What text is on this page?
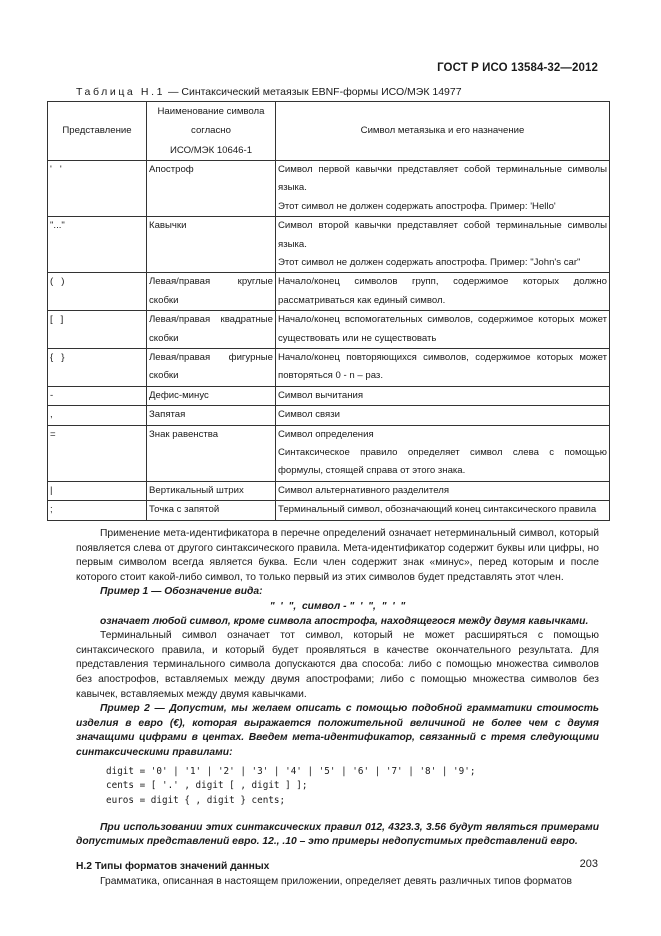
ГОСТ Р ИСО 13584-32—2012
Таблица Н.1 — Синтаксический метаязык EBNF-формы ИСО/МЭК 14977
Представление	Наименование символа
согласно
ИСО/МЭК 10646-1	Символ метаязыка и его назначение
'   '	Апостроф	Символ первой кавычки представляет собой терминальные символы языка.
Этот символ не должен содержать апострофа. Пример: 'Hello'

"..."	Кавычки	Символ второй кавычки представляет собой терминальные символы языка.
Этот символ не должен содержать апострофа. Пример: "John's car"

(   )	Левая/правая круглые скобки	Начало/конец символов групп, содержимое которых должно рассматриваться как единый символ.

[   ]	Левая/правая квадратные скобки	Начало/конец вспомогательных символов, содержимое которых может существовать или не существовать

{   }	Левая/правая фигурные скобки	Начало/конец повторяющихся символов, содержимое которых может повторяться 0 - n – раз.

-	Дефис-минус	Символ вычитания

,	Запятая	Символ связи

=	Знак равенства	Символ определения
Синтаксическое правило определяет символ слева с помощью формулы, стоящей справа от этого знака.

|	Вертикальный штрих	Символ альтернативного разделителя

;	Точка с запятой	Терминальный символ, обозначающий конец синтаксического правила

Применение мета-идентификатора в перечне определений означает нетерминальный символ, который появляется слева от другого синтаксического правила. Мета-идентификатор содержит буквы или цифры, но первым символом всегда является буква. Если член содержит знак «минус», перед которым и после которого стоит какой-либо символ, то только первый из этих символов будет представлять этот член.

Пример 1 — Обозначение вида:

"  '  ",  символ - "  '  ",  "  '  "

означает любой символ, кроме символа апострофа, находящегося между двумя кавычками.

Терминальный символ означает тот символ, который не может расширяться с помощью синтаксического правила, и который будет проявляться в качестве окончательного результата. Для представления терминального символа допускаются два способа: либо с помощью множества символов без апострофов, вставляемых между двумя апострофами; либо с помощью множества символов без кавычек, вставляемых между двумя кавычками.

Пример 2 — Допустим, мы желаем описать с помощью подобной грамматики стоимость изделия в евро (€), которая выражается положительной величиной не более чем с двумя значащими цифрами в центах. Введем мета-идентификатор, связанный с тремя следующими синтаксическими правилами:

digit = '0' | '1' | '2' | '3' | '4' | '5' | '6' | '7' | '8' | '9';
cents = [ '.' , digit [ , digit ] ];
euros = digit { , digit } cents;

При использовании этих синтаксических правил 012, 4323.3, 3.56 будут являться примерами допустимых представлений евро. 12., .10 – это примеры недопустимых представлений евро.

Н.2 Типы форматов значений данных

Грамматика, описанная в настоящем приложении, определяет девять различных типов форматов

203
